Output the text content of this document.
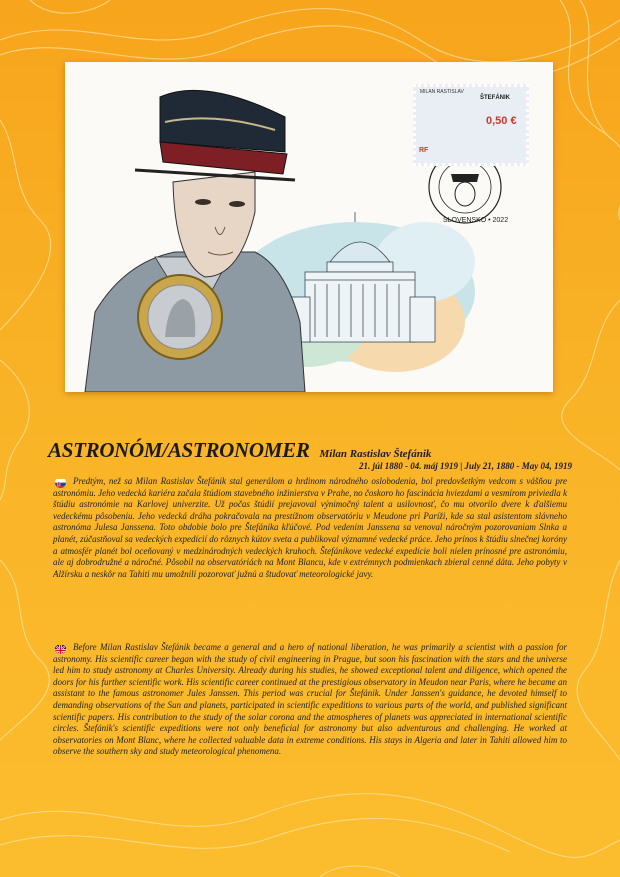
SLOVENSKO • 2022
MILAN RASTISLAV
ŠTEFÁNIK
0,50 €
RF
ASTRONÓM/ASTRONOMER Milan Rastislav Štefánik
21. júl 1880 - 04. máj 1919 | July 21, 1880 - May 04, 1919

Predtým, než sa Milan Rastislav Štefánik stal generálom a hrdinom národného oslobodenia, bol predovšetkým vedcom s vášňou pre astronómiu. Jeho vedecká kariéra začala štúdiom stavebného inžinierstva v Prahe, no čoskoro ho fascinácia hviezdami a vesmírom priviedla k štúdiu astronómie na Karlovej univerzite. Už počas štúdií prejavoval výnimočný talent a usilovnosť, čo mu otvorilo dvere k ďalšiemu vedeckému pôsobeniu. Jeho vedecká dráha pokračovala na prestížnom observatóriu v Meudone pri Paríži, kde sa stal asistentom slávneho astronóma Julesa Janssena. Toto obdobie bolo pre Štefánika kľúčové. Pod vedením Janssena sa venoval náročným pozorovaniam Slnka a planét, zúčastňoval sa vedeckých expedícií do rôznych kútov sveta a publikoval významné vedecké práce. Jeho prínos k štúdiu slnečnej koróny a atmosfér planét bol oceňovaný v medzinárodných vedeckých kruhoch. Štefánikove vedecké expedície boli nielen prínosné pre astronómiu, ale aj dobrodružné a náročné. Pôsobil na observatóriách na Mont Blancu, kde v extrémnych podmienkach zbieral cenné dáta. Jeho pobyty v Alžírsku a neskôr na Tahiti mu umožnili pozorovať južnú a študovať meteorologické javy.

Before Milan Rastislav Štefánik became a general and a hero of national liberation, he was primarily a scientist with a passion for astronomy. His scientific career began with the study of civil engineering in Prague, but soon his fascination with the stars and the universe led him to study astronomy at Charles University. Already during his studies, he showed exceptional talent and diligence, which opened the doors for his further scientific work. His scientific career continued at the prestigious observatory in Meudon near Paris, where he became an assistant to the famous astronomer Jules Janssen. This period was crucial for Štefánik. Under Janssen's guidance, he devoted himself to demanding observations of the Sun and planets, participated in scientific expeditions to various parts of the world, and published significant scientific papers. His contribution to the study of the solar corona and the atmospheres of planets was appreciated in international scientific circles. Štefánik's scientific expeditions were not only beneficial for astronomy but also adventurous and challenging. He worked at observatories on Mont Blanc, where he collected valuable data in extreme conditions. His stays in Algeria and later in Tahiti allowed him to observe the southern sky and study meteorological phenomena.
